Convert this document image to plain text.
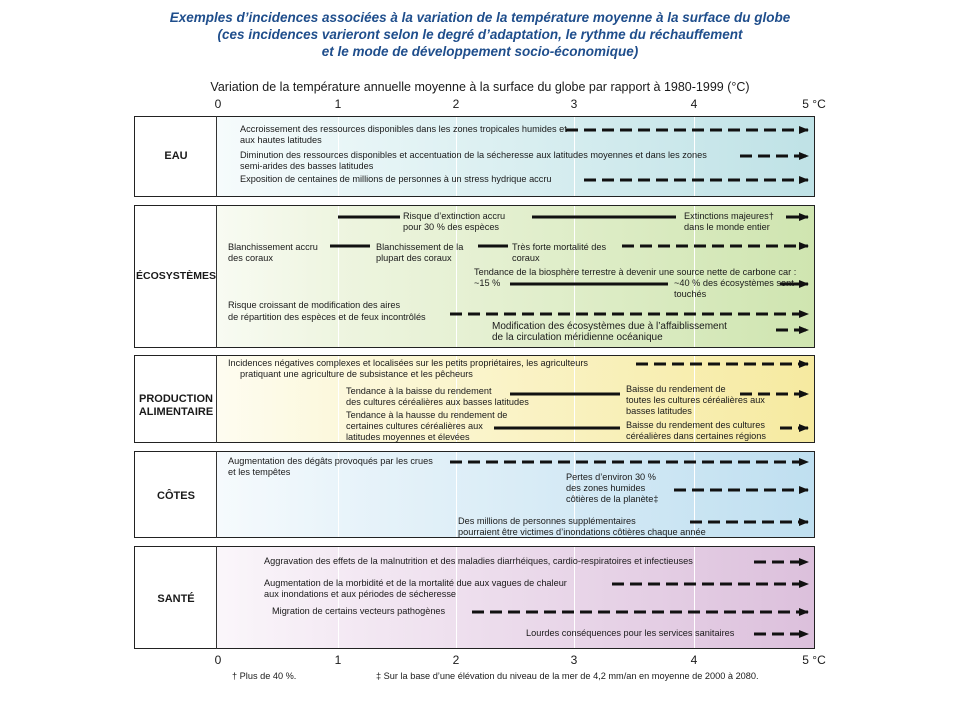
Exemples d’incidences associées à la variation de la température moyenne à la surface du globe
(ces incidences varieront selon le degré d’adaptation, le rythme du réchauffement
et le mode de développement socio-économique)
Variation de la température annuelle moyenne à la surface du globe par rapport à 1980-1999 (°C)
0	1	2	3	4	5 °C
EAU
ÉCOSYSTÈMES
PRODUCTION
ALIMENTAIRE
CÔTES
SANTÉ
Accroissement des ressources disponibles dans les zones tropicales humides et
aux hautes latitudes
Diminution des ressources disponibles et accentuation de la sécheresse aux latitudes moyennes et dans les zones
semi-arides des basses latitudes
Exposition de centaines de millions de personnes à un stress hydrique accru
Risque d’extinction accru
pour 30 % des espèces
Extinctions majeures†
dans le monde entier
Blanchissement accru
des coraux
Blanchissement de la
plupart des coraux
Très forte mortalité des
coraux
Tendance de la biosphère terrestre à devenir une source nette de carbone car :
~15 %	~40 % des écosystèmes sont
touchés
Risque croissant de modification des aires
de répartition des espèces et de feux incontrôlés
Modification des écosystèmes due à l’affaiblissement
de la circulation méridienne océanique
Incidences négatives complexes et localisées sur les petits propriétaires, les agriculteurs
pratiquant une agriculture de subsistance et les pêcheurs
Tendance à la baisse du rendement
des cultures céréalières aux basses latitudes
Baisse du rendement de
toutes les cultures céréalières aux
basses latitudes
Tendance à la hausse du rendement de
certaines cultures céréalières aux
latitudes moyennes et élevées
Baisse du rendement des cultures
céréalières dans certaines régions
Augmentation des dégâts provoqués par les crues
et les tempêtes	Pertes d’environ 30 %
des zones humides
côtières de la planète‡
Des millions de personnes supplémentaires
pourraient être victimes d’inondations côtières chaque année
Aggravation des effets de la malnutrition et des maladies diarrhéiques, cardio-respiratoires et infectieuses
Augmentation de la morbidité et de la mortalité due aux vagues de chaleur
aux inondations et aux périodes de sécheresse
Migration de certains vecteurs pathogènes
Lourdes conséquences pour les services sanitaires
0	1	2	3	4	5 °C
† Plus de 40 %.	‡ Sur la base d’une élévation du niveau de la mer de 4,2 mm/an en moyenne de 2000 à 2080.
